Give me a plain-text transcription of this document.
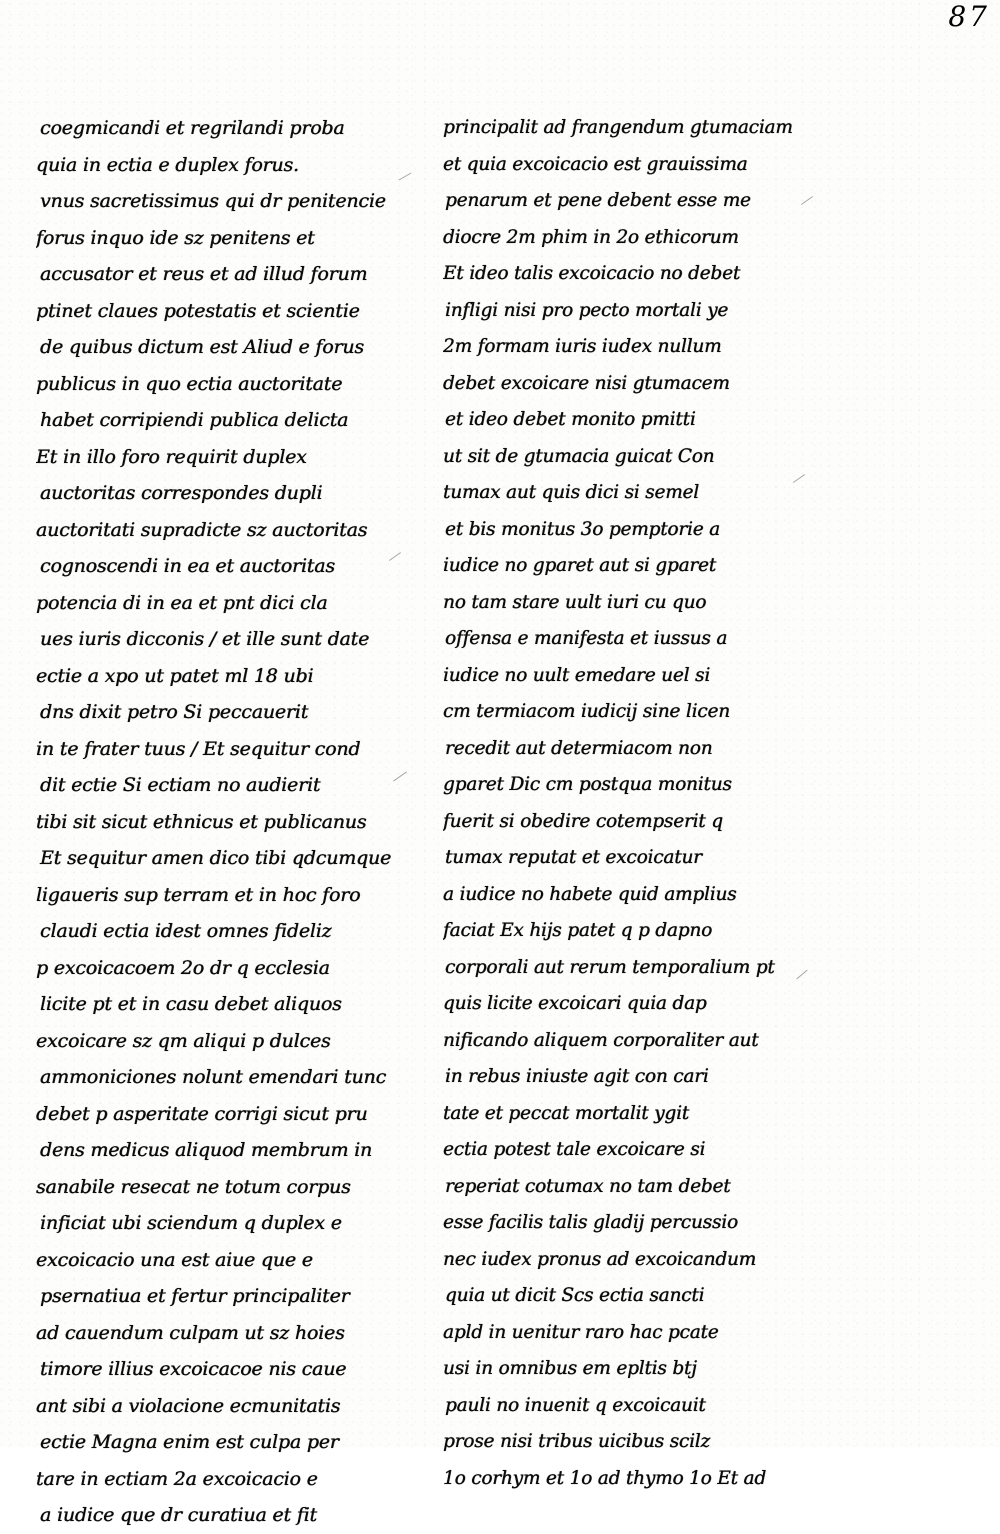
87
coegmicandi et regrilandi proba
quia in ectia e duplex forus.
vnus sacretissimus qui dr penitencie
forus inquo ide sz penitens et
accusator et reus et ad illud forum
ptinet claues potestatis et scientie
de quibus dictum est Aliud e forus
publicus in quo ectia auctoritate
habet corripiendi publica delicta
Et in illo foro requirit duplex
auctoritas correspondes dupli
auctoritati supradicte sz auctoritas
cognoscendi in ea et auctoritas
potencia di in ea et pnt dici cla
ues iuris dicconis / et ille sunt date
ectie a xpo ut patet ml 18 ubi
dns dixit petro Si peccauerit
in te frater tuus / Et sequitur cond
dit ectie Si ectiam no audierit
tibi sit sicut ethnicus et publicanus
Et sequitur amen dico tibi qdcumque
ligaueris sup terram et in hoc foro
claudi ectia idest omnes fideliz
p excoicacoem 2o dr q ecclesia
licite pt et in casu debet aliquos
excoicare sz qm aliqui p dulces
ammoniciones nolunt emendari tunc
debet p asperitate corrigi sicut pru
dens medicus aliquod membrum in
sanabile resecat ne totum corpus
inficiat ubi sciendum q duplex e
excoicacio una est aiue que e
psernatiua et fertur principaliter
ad cauendum culpam ut sz hoies
timore illius excoicacoe nis caue
ant sibi a violacione ecmunitatis
ectie Magna enim est culpa per
tare in ectiam 2a excoicacio e
a iudice que dr curatiua et fit
principalit ad frangendum gtumaciam
et quia excoicacio est grauissima
penarum et pene debent esse me
diocre 2m phim in 2o ethicorum
Et ideo talis excoicacio no debet
infligi nisi pro pecto mortali ye
2m formam iuris iudex nullum
debet excoicare nisi gtumacem
et ideo debet monito pmitti
ut sit de gtumacia guicat Con
tumax aut quis dici si semel
et bis monitus 3o pemptorie a
iudice no gparet aut si gparet
no tam stare uult iuri cu quo
offensa e manifesta et iussus a
iudice no uult emedare uel si
cm termiacom iudicij sine licen
recedit aut determiacom non
gparet Dic cm postqua monitus
fuerit si obedire cotempserit q
tumax reputat et excoicatur
a iudice no habete quid amplius
faciat Ex hijs patet q p dapno
corporali aut rerum temporalium pt
quis licite excoicari quia dap
nificando aliquem corporaliter aut
in rebus iniuste agit con cari
tate et peccat mortalit ygit
ectia potest tale excoicare si
reperiat cotumax no tam debet
esse facilis talis gladij percussio
nec iudex pronus ad excoicandum
quia ut dicit Scs ectia sancti
apld in uenitur raro hac pcate
usi in omnibus em epltis btj
pauli no inuenit q excoicauit
prose nisi tribus uicibus scilz
1o corhym et 1o ad thymo 1o Et ad
